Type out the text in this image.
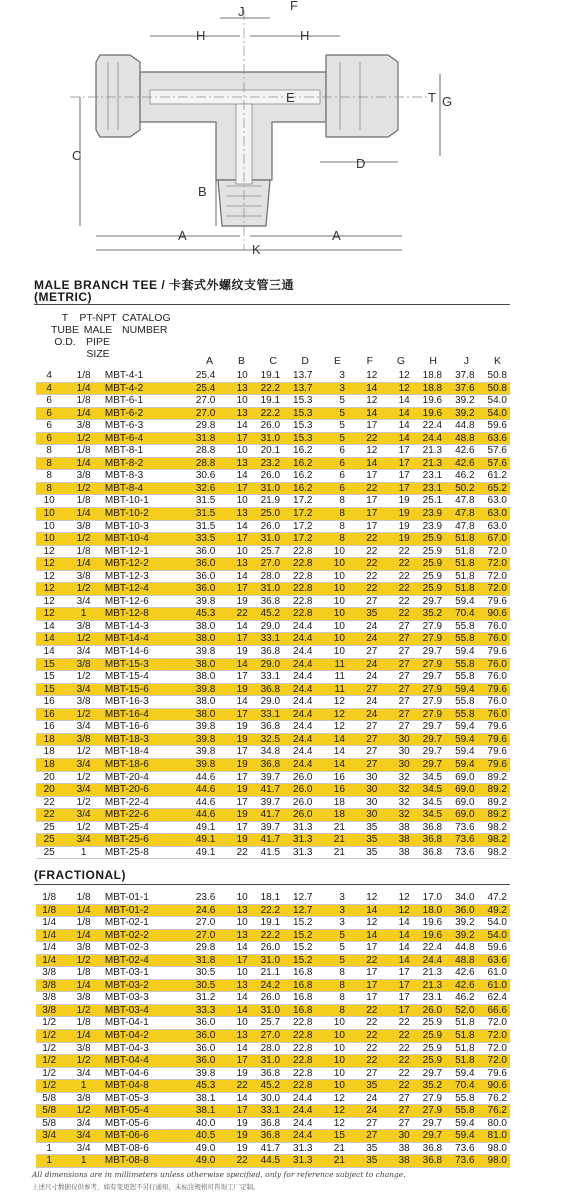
J	F
H	H
E	T G
C
B
D
A	A
K
MALE BRANCH TEE / 卡套式外螺纹支管三通
(METRIC)
T
TUBE
O.D.
PT-NPT
MALE
PIPE
SIZE
CATALOG
NUMBER
A	B	C	D	E	F	G	H	J	K
4	1/8	MBT-4-1	25.4	10	19.1	13.7	3	12	12	18.8	37.8	50.8
4	1/4	MBT-4-2	25.4	13	22.2	13.7	3	14	12	18.8	37.6	50.8
6	1/8	MBT-6-1	27.0	10	19.1	15.3	5	12	14	19.6	39.2	54.0
6	1/4	MBT-6-2	27.0	13	22.2	15.3	5	14	14	19.6	39.2	54.0
6	3/8	MBT-6-3	29.8	14	26.0	15.3	5	17	14	22.4	44.8	59.6
6	1/2	MBT-6-4	31.8	17	31.0	15.3	5	22	14	24.4	48.8	63.6
8	1/8	MBT-8-1	28.8	10	20.1	16.2	6	12	17	21.3	42.6	57.6
8	1/4	MBT-8-2	28.8	13	23.2	16.2	6	14	17	21.3	42.6	57.6
8	3/8	MBT-8-3	30.6	14	26.0	16.2	6	17	17	23.1	46.2	61.2
8	1/2	MBT-8-4	32.6	17	31.0	16.2	6	22	17	23.1	50.2	65.2
10	1/8	MBT-10-1	31.5	10	21.9	17.2	8	17	19	25.1	47.8	63.0
10	1/4	MBT-10-2	31.5	13	25.0	17.2	8	17	19	23.9	47.8	63.0
10	3/8	MBT-10-3	31.5	14	26.0	17.2	8	17	19	23.9	47.8	63.0
10	1/2	MBT-10-4	33.5	17	31.0	17.2	8	22	19	25.9	51.8	67.0
12	1/8	MBT-12-1	36.0	10	25.7	22.8	10	22	22	25.9	51.8	72.0
12	1/4	MBT-12-2	36.0	13	27.0	22.8	10	22	22	25.9	51.8	72.0
12	3/8	MBT-12-3	36.0	14	28.0	22.8	10	22	22	25.9	51.8	72.0
12	1/2	MBT-12-4	36.0	17	31.0	22.8	10	22	22	25.9	51.8	72.0
12	3/4	MBT-12-6	39.8	19	36.8	22.8	10	27	22	29.7	59.4	79.6
12	1	MBT-12-8	45.3	22	45.2	22.8	10	35	22	35.2	70.4	90.6
14	3/8	MBT-14-3	38.0	14	29.0	24.4	10	24	27	27.9	55.8	76.0
14	1/2	MBT-14-4	38.0	17	33.1	24.4	10	24	27	27.9	55.8	76.0
14	3/4	MBT-14-6	39.8	19	36.8	24.4	10	27	27	29.7	59.4	79.6
15	3/8	MBT-15-3	38.0	14	29.0	24.4	11	24	27	27.9	55.8	76.0
15	1/2	MBT-15-4	38.0	17	33.1	24.4	11	24	27	29.7	55.8	76.0
15	3/4	MBT-15-6	39.8	19	36.8	24.4	11	27	27	27.9	59.4	79.6
16	3/8	MBT-16-3	38.0	14	29.0	24.4	12	24	27	27.9	55.8	76.0
16	1/2	MBT-16-4	38.0	17	33.1	24.4	12	24	27	27.9	55.8	76.0
16	3/4	MBT-16-6	39.8	19	36.8	24.4	12	27	27	29.7	59.4	79.6
18	3/8	MBT-18-3	39.8	19	32.5	24.4	14	27	30	29.7	59.4	79.6
18	1/2	MBT-18-4	39.8	17	34.8	24.4	14	27	30	29.7	59.4	79.6
18	3/4	MBT-18-6	39.8	19	36.8	24.4	14	27	30	29.7	59.4	79.6
20	1/2	MBT-20-4	44.6	17	39.7	26.0	16	30	32	34.5	69.0	89.2
20	3/4	MBT-20-6	44.6	19	41.7	26.0	16	30	32	34.5	69.0	89.2
22	1/2	MBT-22-4	44.6	17	39.7	26.0	18	30	32	34.5	69.0	89.2
22	3/4	MBT-22-6	44.6	19	41.7	26.0	18	30	32	34.5	69.0	89.2
25	1/2	MBT-25-4	49.1	17	39.7	31.3	21	35	38	36.8	73.6	98.2
25	3/4	MBT-25-6	49.1	19	41.7	31.3	21	35	38	36.8	73.6	98.2
25	1	MBT-25-8	49.1	22	41.5	31.3	21	35	38	36.8	73.6	98.2
(FRACTIONAL)
1/8	1/8	MBT-01-1	23.6	10	18.1	12.7	3	12	12	17.0	34.0	47.2
1/8	1/4	MBT-01-2	24.6	13	22.2	12.7	3	14	12	18.0	36.0	49.2
1/4	1/8	MBT-02-1	27.0	10	19.1	15.2	3	12	14	19.6	39.2	54.0
1/4	1/4	MBT-02-2	27.0	13	22.2	15.2	5	14	14	19.6	39.2	54.0
1/4	3/8	MBT-02-3	29.8	14	26.0	15.2	5	17	14	22.4	44.8	59.6
1/4	1/2	MBT-02-4	31.8	17	31.0	15.2	5	22	14	24.4	48.8	63.6
3/8	1/8	MBT-03-1	30.5	10	21.1	16.8	8	17	17	21.3	42.6	61.0
3/8	1/4	MBT-03-2	30.5	13	24.2	16.8	8	17	17	21.3	42.6	61.0
3/8	3/8	MBT-03-3	31.2	14	26.0	16.8	8	17	17	23.1	46.2	62.4
3/8	1/2	MBT-03-4	33.3	14	31.0	16.8	8	22	17	26.0	52.0	66.6
1/2	1/8	MBT-04-1	36.0	10	25.7	22.8	10	22	22	25.9	51.8	72.0
1/2	1/4	MBT-04-2	36.0	13	27.0	22.8	10	22	22	25.9	51.8	72.0
1/2	3/8	MBT-04-3	36.0	14	28.0	22.8	10	22	22	25.9	51.8	72.0
1/2	1/2	MBT-04-4	36.0	17	31.0	22.8	10	22	22	25.9	51.8	72.0
1/2	3/4	MBT-04-6	39.8	19	36.8	22.8	10	27	22	29.7	59.4	79.6
1/2	1	MBT-04-8	45.3	22	45.2	22.8	10	35	22	35.2	70.4	90.6
5/8	3/8	MBT-05-3	38.1	14	30.0	24.4	12	24	27	27.9	55.8	76.2
5/8	1/2	MBT-05-4	38.1	17	33.1	24.4	12	24	27	27.9	55.8	76.2
5/8	3/4	MBT-05-6	40.0	19	36.8	24.4	12	27	27	29.7	59.4	80.0
3/4	3/4	MBT-06-6	40.5	19	36.8	24.4	15	27	30	29.7	59.4	81.0
1	3/4	MBT-08-6	49.0	19	41.7	31.3	21	35	38	36.8	73.6	98.0
1	1	MBT-08-8	49.0	22	44.5	31.3	21	35	38	36.8	73.6	98.0
All dimensions are in millimeters unless otherwise specified, only for reference subject to change.
上述尺寸数据仅供参考，如有变更恕不另行通知，未标注规格可咨询工厂定制。
